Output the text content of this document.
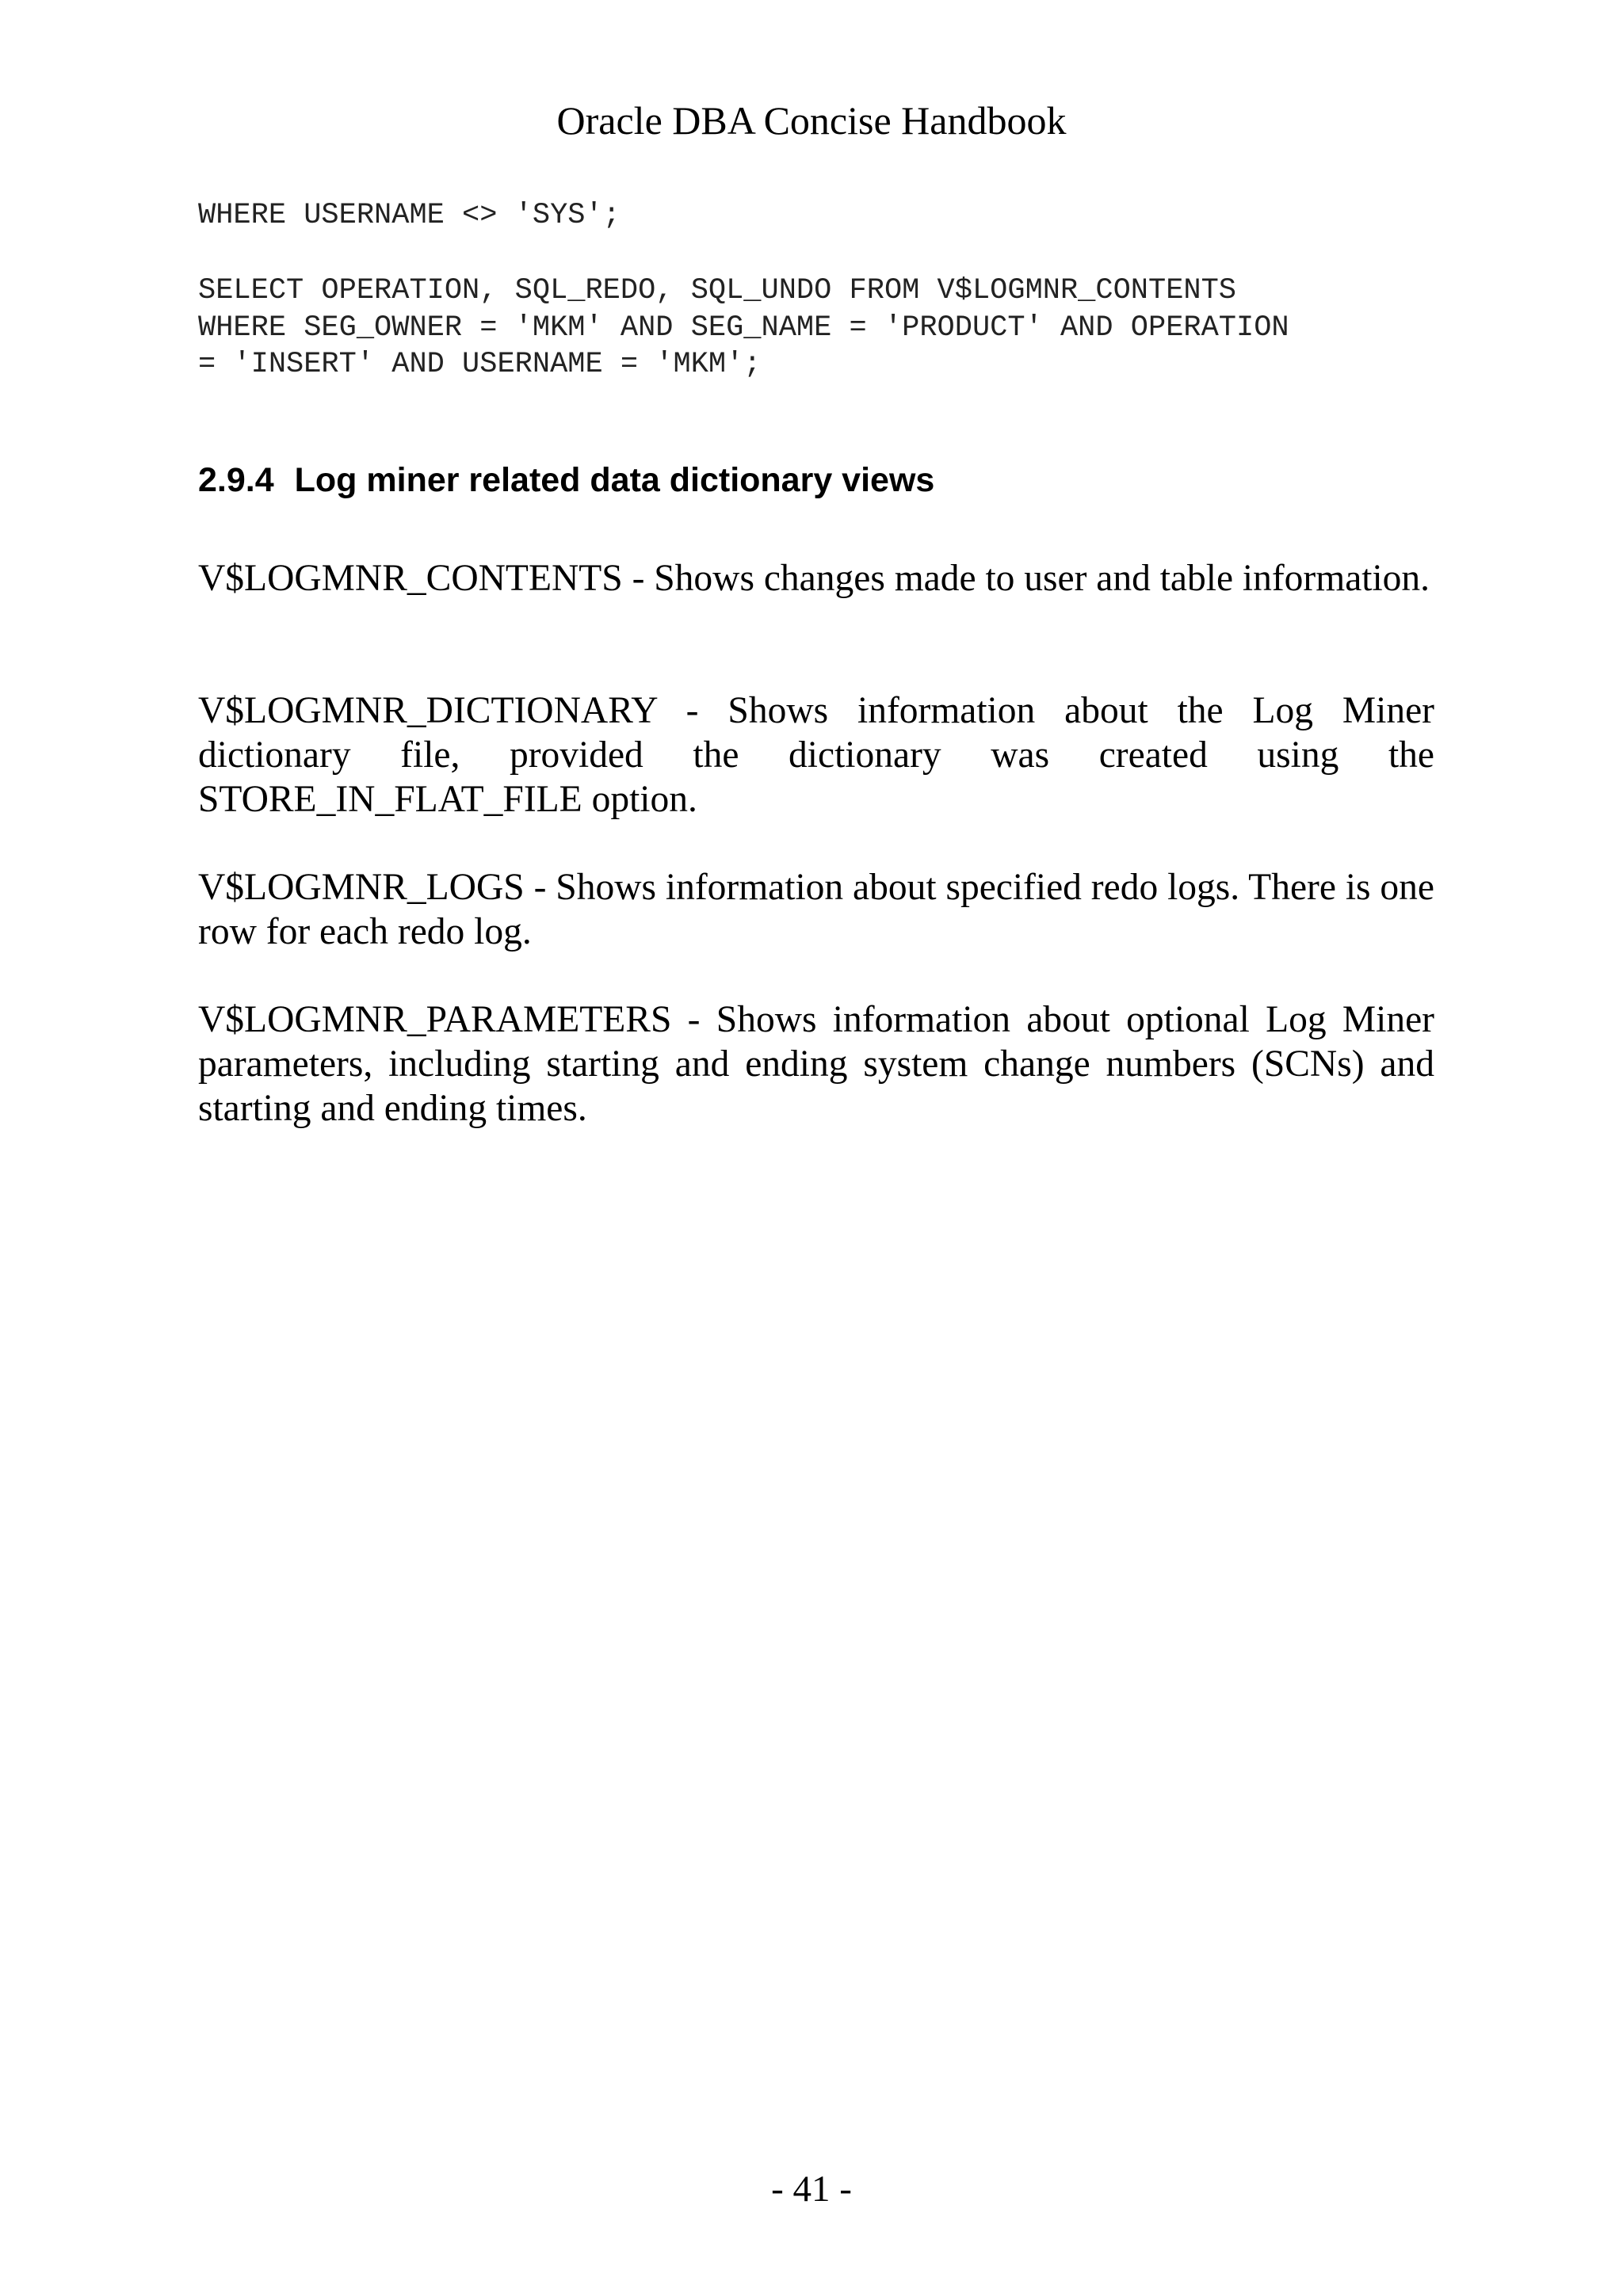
Oracle DBA Concise Handbook
WHERE USERNAME <> 'SYS';
SELECT OPERATION, SQL_REDO, SQL_UNDO FROM V$LOGMNR_CONTENTS
WHERE SEG_OWNER = 'MKM' AND SEG_NAME = 'PRODUCT' AND OPERATION
= 'INSERT' AND USERNAME = 'MKM';
2.9.4 Log miner related data dictionary views

V$LOGMNR_CONTENTS - Shows changes made to user and table information.

V$LOGMNR_DICTIONARY - Shows information about the Log Miner dictionary file, provided the dictionary was created using the STORE_IN_FLAT_FILE option.

V$LOGMNR_LOGS - Shows information about specified redo logs. There is one row for each redo log.

V$LOGMNR_PARAMETERS - Shows information about optional Log Miner parameters, including starting and ending system change numbers (SCNs) and starting and ending times.

- 41 -
